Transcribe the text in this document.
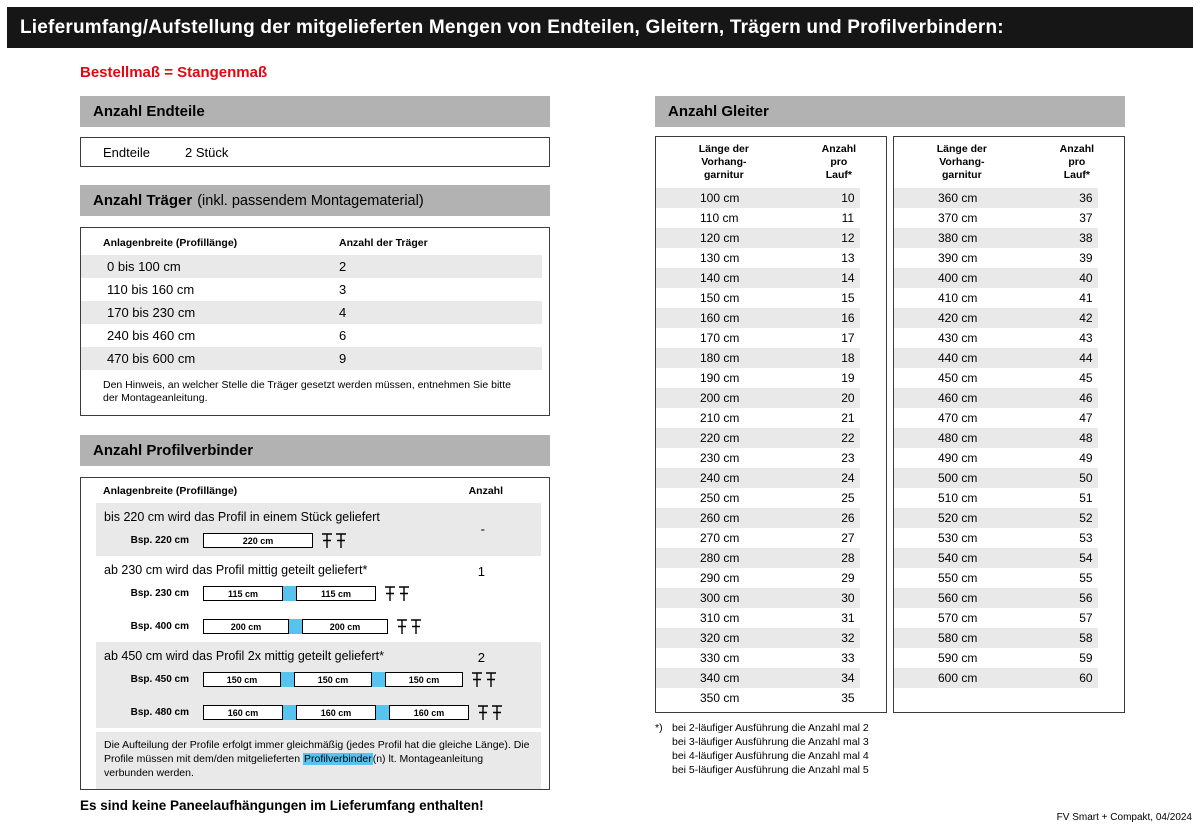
Lieferumfang/Aufstellung der mitgelieferten Mengen von Endteilen, Gleitern, Trägern und Profilverbindern:
Bestellmaß = Stangenmaß
Anzahl Endteile
Endteile	2 Stück
Anzahl Träger (inkl. passendem Montagematerial)
Anlagenbreite (Profillänge)	Anzahl der Träger
0 bis 100 cm	2
110 bis 160 cm	3
170 bis 230 cm	4
240 bis 460 cm	6
470 bis 600 cm	9
Den Hinweis, an welcher Stelle die Träger gesetzt werden müssen, entnehmen Sie bitte der Montageanleitung.
Anzahl Profilverbinder
Anlagenbreite (Profillänge)	Anzahl
bis 220 cm wird das Profil in einem Stück geliefert
-
Bsp. 220 cm	220 cm
ab 230 cm wird das Profil mittig geteilt geliefert*	1
Bsp. 230 cm	115 cm	115 cm
Bsp. 400 cm	200 cm	200 cm
ab 450 cm wird das Profil 2x mittig geteilt geliefert*	2
Bsp. 450 cm	150 cm	150 cm	150 cm
Bsp. 480 cm	160 cm	160 cm	160 cm
Die Aufteilung der Profile erfolgt immer gleichmäßig (jedes Profil hat die gleiche Länge). Die Profile müssen mit dem/den mitgelieferten Profilverbinder(n) lt. Montageanleitung verbunden werden.
Es sind keine Paneelaufhängungen im Lieferumfang enthalten!
Anzahl Gleiter
Länge der
Vorhang-
garnitur
Anzahl
pro
Lauf*
100 cm	10
110 cm	11
120 cm	12
130 cm	13
140 cm	14
150 cm	15
160 cm	16
170 cm	17
180 cm	18
190 cm	19
200 cm	20
210 cm	21
220 cm	22
230 cm	23
240 cm	24
250 cm	25
260 cm	26
270 cm	27
280 cm	28
290 cm	29
300 cm	30
310 cm	31
320 cm	32
330 cm	33
340 cm	34
350 cm	35
Länge der
Vorhang-
garnitur
Anzahl
pro
Lauf*
360 cm	36
370 cm	37
380 cm	38
390 cm	39
400 cm	40
410 cm	41
420 cm	42
430 cm	43
440 cm	44
450 cm	45
460 cm	46
470 cm	47
480 cm	48
490 cm	49
500 cm	50
510 cm	51
520 cm	52
530 cm	53
540 cm	54
550 cm	55
560 cm	56
570 cm	57
580 cm	58
590 cm	59
600 cm	60
*) bei 2-läufiger Ausführung die Anzahl mal 2
bei 3-läufiger Ausführung die Anzahl mal 3
bei 4-läufiger Ausführung die Anzahl mal 4
bei 5-läufiger Ausführung die Anzahl mal 5
FV Smart + Compakt, 04/2024
